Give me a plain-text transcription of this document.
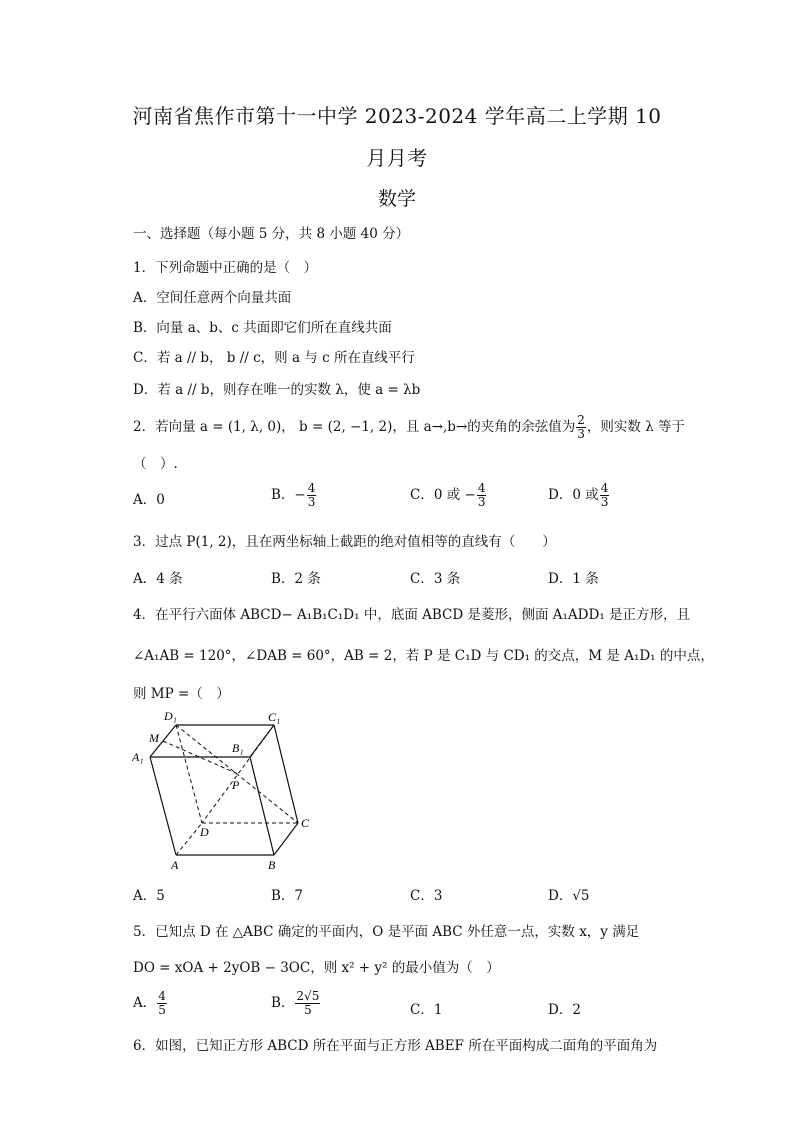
河南省焦作市第十一中学 2023-2024 学年高二上学期 10
月月考
数学
一、选择题（每小题 5 分，共 8 小题 40 分）
1．下列命题中正确的是（　）
A．空间任意两个向量共面
B．向量 a、b、c 共面即它们所在直线共面
C．若 a // b， b // c，则 a 与 c 所在直线平行
D．若 a // b，则存在唯一的实数 λ，使 a = λb
2．若向量 a = (1, λ, 0)， b = (2, −1, 2)，且 a→,b→的夹角的余弦值为 $\frac{2}{3}$ ，则实数 λ 等于
（　）.
A．0	B．− $\frac{4}{3}$	C．0 或 − $\frac{4}{3}$	D．0 或 $\frac{4}{3}$
3．过点 P(1, 2)，且在两坐标轴上截距的绝对值相等的直线有（　　）
A．4 条	B．2 条	C．3 条	D．1 条
4．在平行六面体 ABCD− A₁B₁C₁D₁ 中，底面 ABCD 是菱形，侧面 A₁ADD₁ 是正方形，且
∠A₁AB = 120°，∠DAB = 60°，AB = 2，若 P 是 C₁D 与 CD₁ 的交点，M 是 A₁D₁ 的中点，
则 MP =（　）
D₁	C₁
M
B₁
A₁
P
D
C
A	B
A．5	B．7	C．3	D．√5
5．已知点 D 在 △ABC 确定的平面内，O 是平面 ABC 外任意一点，实数 x，y 满足
DO = xOA + 2yOB − 3OC，则 x² + y² 的最小值为（　）
A． $\frac{4}{5}$	B． $\frac{2√5}{5}$	C．1	D．2
6．如图，已知正方形 ABCD 所在平面与正方形 ABEF 所在平面构成二面角的平面角为
